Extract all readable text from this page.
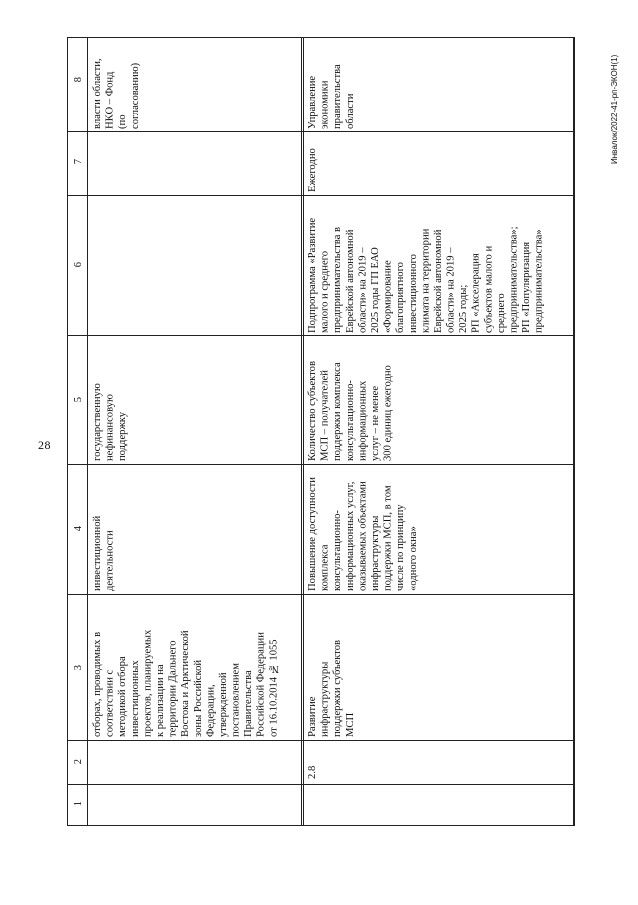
28
Инвалок/2022-41-рп-ЭКОН(1)
8
7
6
5
4
3
2
1
власти области,
НКО – Фонд
(по
согласованию)
государственную
нефинансовую
поддержку
инвестиционной
деятельности
отборах, проводимых в
соответствии с
методикой отбора
инвестиционных
проектов, планируемых
к реализации на
территории Дальнего
Востока и Арктической
зоны Российской
Федерации,
утвержденной
постановлением
Правительства
Российской Федерации
от 16.10.2014 № 1055
Управление
экономики
правительства
области
Ежегодно
Подпрограмма «Развитие
малого и среднего
предпринимательства в
Еврейской автономной
области» на 2019 –
2025 годы ГП ЕАО
«Формирование
благоприятного
инвестиционного
климата на территории
Еврейской автономной
области» на 2019 –
2025 годы;
РП «Акселерация
субъектов малого и
среднего
предпринимательства»;
РП «Популяризация
предпринимательства»
Количество субъектов
МСП – получателей
поддержки комплекса
консультационно-
информационных
услуг – не менее
300 единиц ежегодно
Повышение доступности
комплекса
консультационно-
информационных услуг,
оказываемых объектами
инфраструктуры
поддержки МСП, в том
числе по принципу
«одного окна»
Развитие
инфраструктуры
поддержки субъектов
МСП
2.8
